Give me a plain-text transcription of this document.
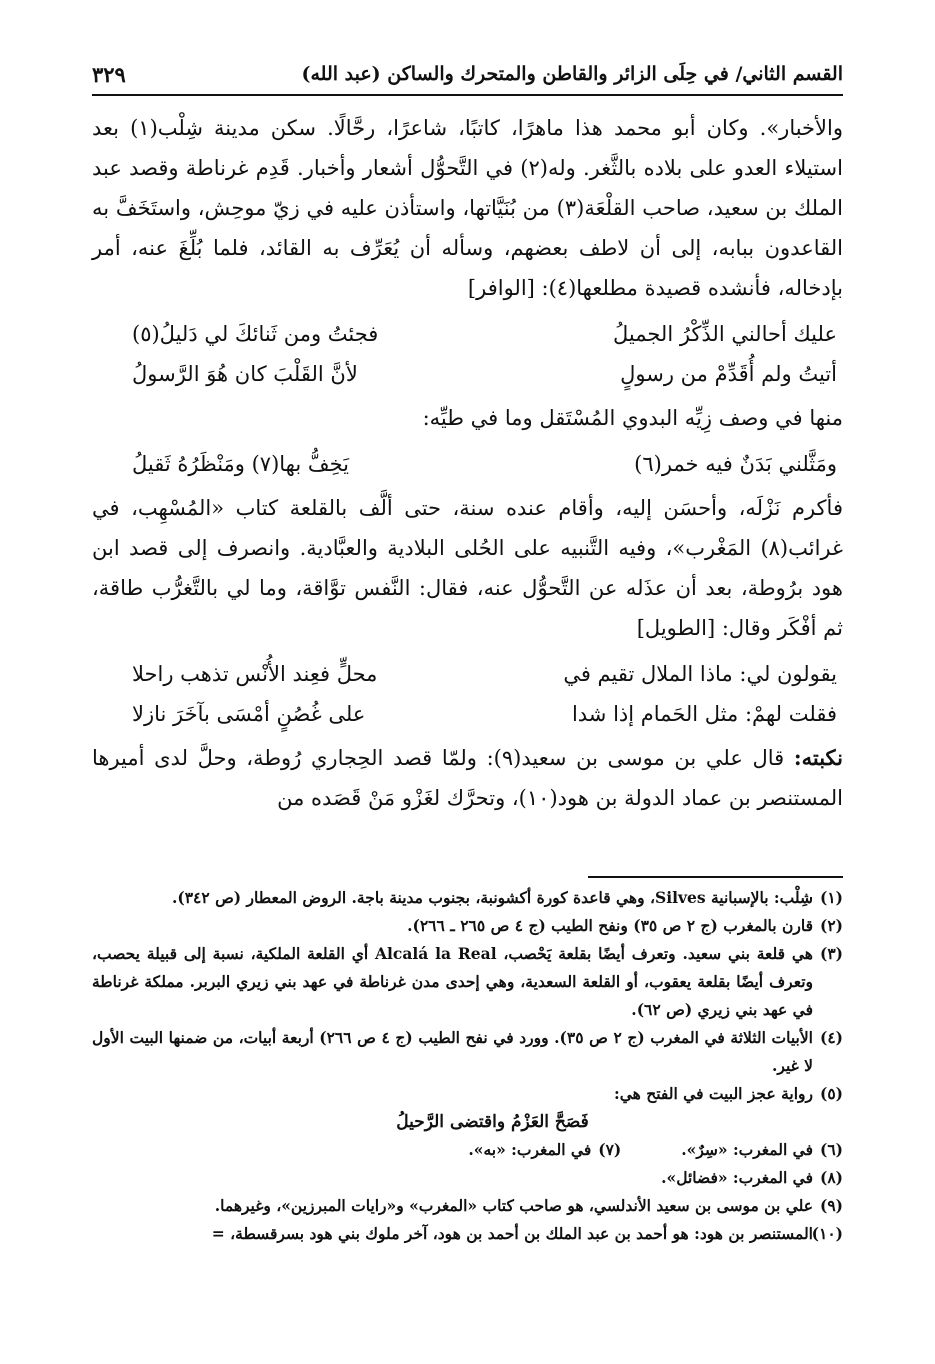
القسم الثاني/ في حِلَى الزائر والقاطن والمتحرك والساكن (عبد الله)
٣٢٩

والأخبار». وكان أبو محمد هذا ماهرًا، كاتبًا، شاعرًا، رحَّالًا. سكن مدينة شِلْب(١) بعد استيلاء العدو على بلاده بالثَّغر. وله(٢) في التَّحوُّل أشعار وأخبار. قَدِم غرناطة وقصد عبد الملك بن سعيد، صاحب القلْعَة(٣) من بُنَيَّاتها، واستأذن عليه في زيّ موحِش، واستَخَفَّ به القاعدون ببابه، إلى أن لاطف بعضهم، وسأله أن يُعَرِّف به القائد، فلما بُلِّغَ عنه، أمر بإدخاله، فأنشده قصيدة مطلعها(٤): [الوافر]

عليك أحالني الذِّكْرُ الجميلُ
فجئتُ ومن ثَنائكَ لي دَليلُ(٥)
أتيتُ ولم أُقَدِّمْ من رسولٍ
لأنَّ القَلْبَ كان هُوَ الرَّسولُ

منها في وصف زِيِّه البدوي المُسْتَقل وما في طيِّه:

ومَثَّلني بَدَنٌ فيه خمر(٦)
يَخِفُّ بها(٧) ومَنْظَرُهُ ثَقيلُ

فأكرم نَزْلَه، وأحسَن إليه، وأقام عنده سنة، حتى ألَّف بالقلعة كتاب «المُسْهِب، في غرائب(٨) المَغْرب»، وفيه التَّنبيه على الحُلى البلادية والعبَّادية. وانصرف إلى قصد ابن هود برُوطة، بعد أن عذَله عن التَّحوُّل عنه، فقال: النَّفس توَّاقة، وما لي بالتَّغرُّب طاقة، ثم أفْكَر وقال: [الطويل]

يقولون لي: ماذا الملال تقيم في
محلٍّ فعِند الأُنْس تذهب راحلا
فقلت لهمْ: مثل الحَمام إذا شدا
على غُصُنٍ أمْسَى بآخَرَ نازلا

نكبته: قال علي بن موسى بن سعيد(٩): ولمّا قصد الحِجاري رُوطة، وحلَّ لدى أميرها المستنصر بن عماد الدولة بن هود(١٠)، وتحرَّك لغَزْو مَنْ قَصَده من

(١)
شِلْب: بالإسبانية Silves، وهي قاعدة كورة أكشونبة، بجنوب مدينة باجة. الروض المعطار (ص ٣٤٢).
(٢)
قارن بالمغرب (ج ٢ ص ٣٥) ونفح الطيب (ج ٤ ص ٢٦٥ ـ ٢٦٦).
(٣)
هي قلعة بني سعيد. وتعرف أيضًا بقلعة يَحْصب، Alcalá la Real أي القلعة الملكية، نسبة إلى قبيلة يحصب، وتعرف أيضًا بقلعة يعقوب، أو القلعة السعدية، وهي إحدى مدن غرناطة في عهد بني زيري البربر. مملكة غرناطة في عهد بني زيري (ص ٦٢).
(٤)
الأبيات الثلاثة في المغرب (ج ٢ ص ٣٥). وورد في نفح الطيب (ج ٤ ص ٢٦٦) أربعة أبيات، من ضمنها البيت الأول لا غير.
(٥)
رواية عجز البيت في الفتح هي:
فَصَحَّ العَزْمُ واقتضى الرَّحيلُ
(٦)
في المغرب: «سِرٌ».
(٧)
في المغرب: «به».
(٨)
في المغرب: «فضائل».
(٩)
علي بن موسى بن سعيد الأندلسي، هو صاحب كتاب «المغرب» و«رايات المبرزين»، وغيرهما.
(١٠)
المستنصر بن هود: هو أحمد بن عبد الملك بن أحمد بن هود، آخر ملوك بني هود بسرقسطة، =
